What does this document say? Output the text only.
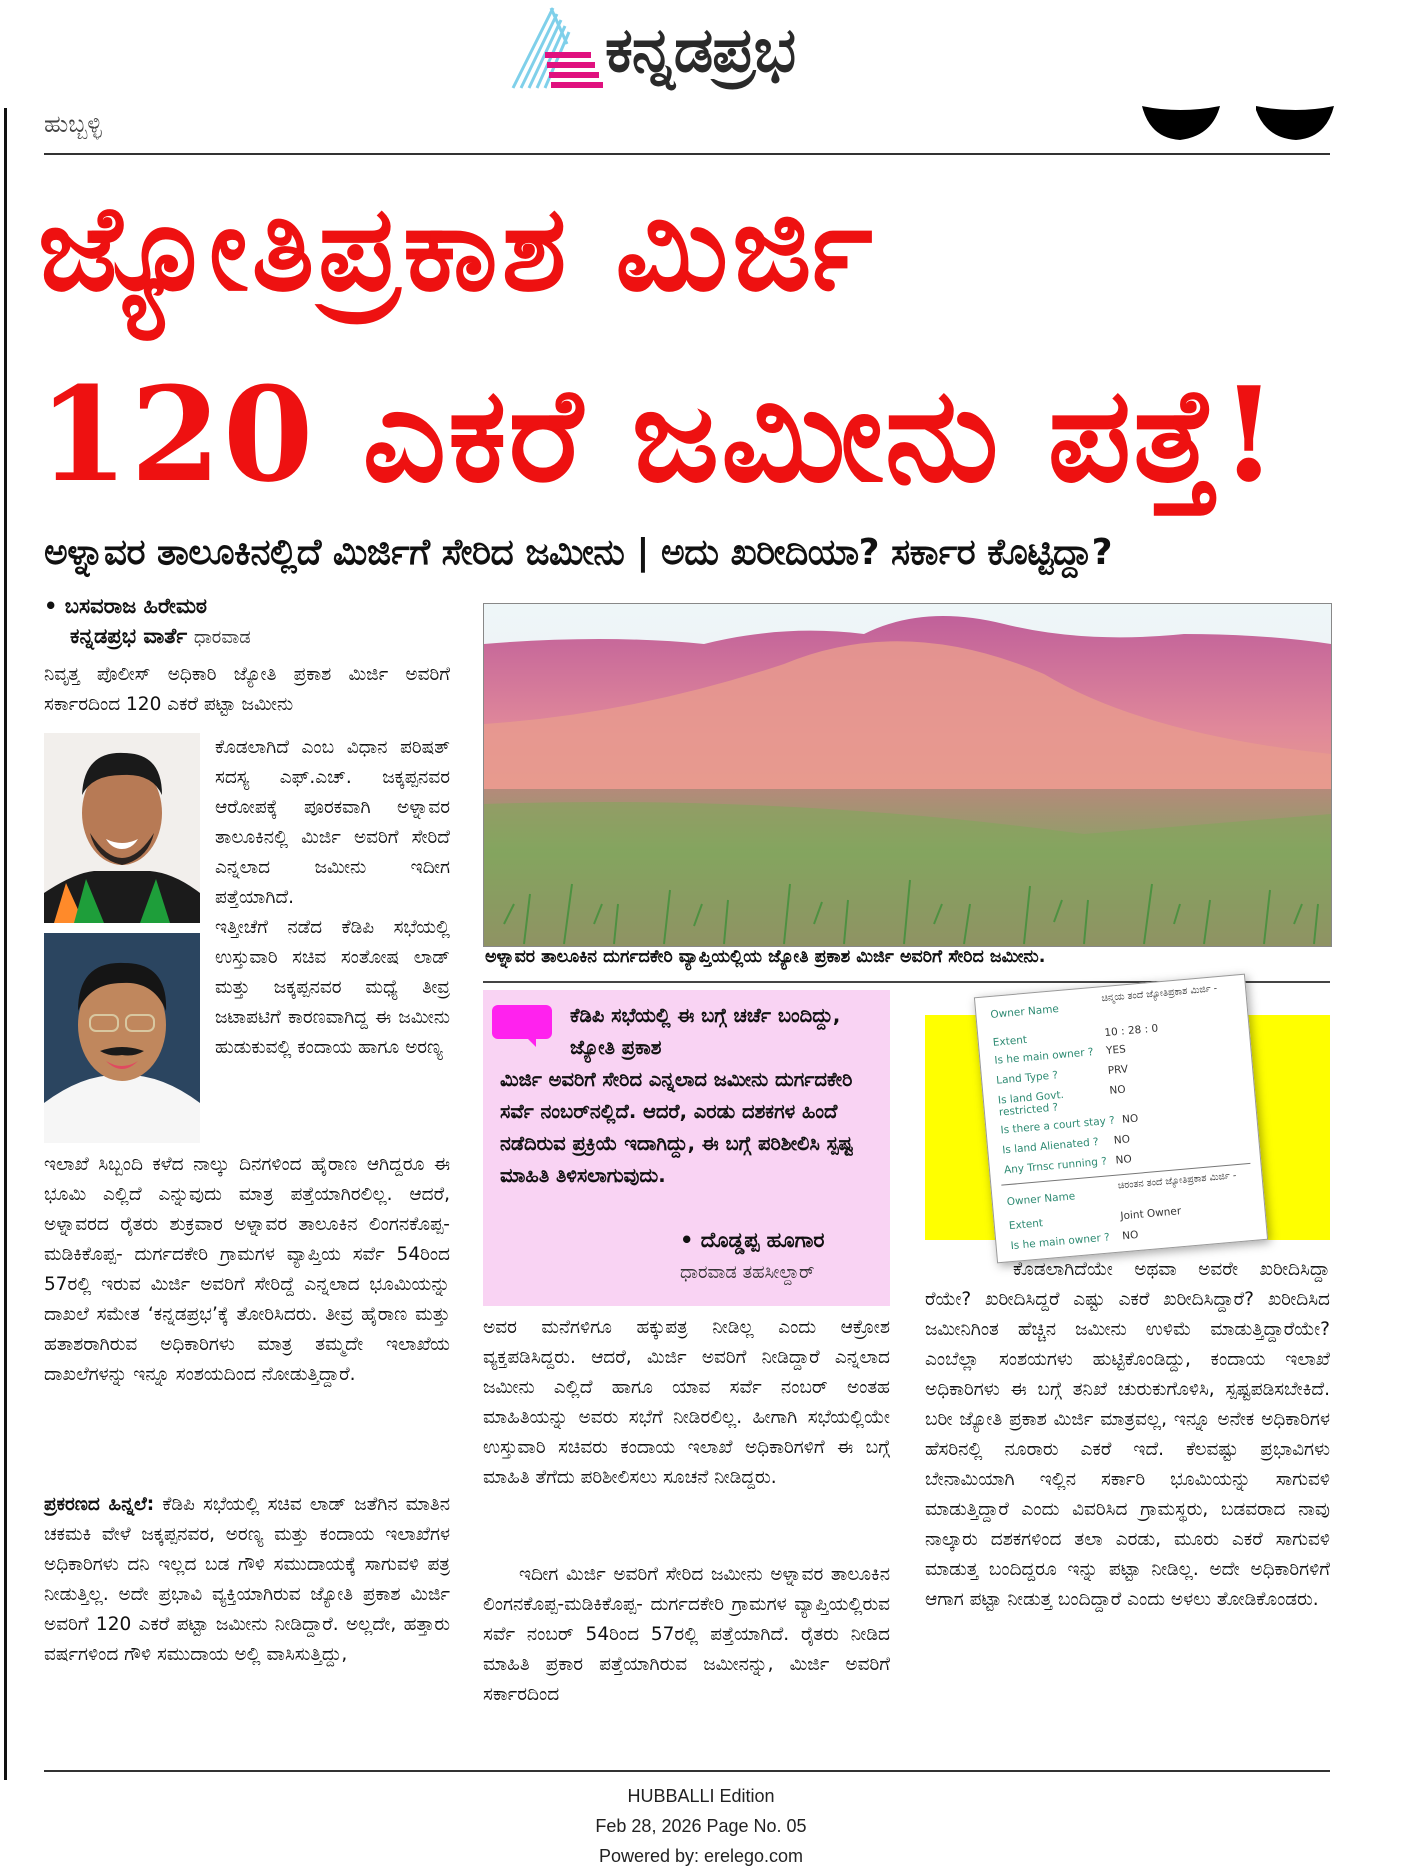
ಕನ್ನಡಪ್ರಭ
ಹುಬ್ಬಳ್ಳಿ
ಜ್ಯೋತಿಪ್ರಕಾಶ ಮಿರ್ಜಿ
120 ಎಕರೆ ಜಮೀನು ಪತ್ತೆ!
ಅಳ್ನಾವರ ತಾಲೂಕಿನಲ್ಲಿದೆ ಮಿರ್ಜಿಗೆ ಸೇರಿದ ಜಮೀನು | ಅದು ಖರೀದಿಯಾ? ಸರ್ಕಾರ ಕೊಟ್ಟಿದ್ದಾ?
• ಬಸವರಾಜ ಹಿರೇಮಠ
ಕನ್ನಡಪ್ರಭ ವಾರ್ತೆ ಧಾರವಾಡ
ನಿವೃತ್ತ ಪೊಲೀಸ್ ಅಧಿಕಾರಿ ಜ್ಯೋತಿ ಪ್ರಕಾಶ ಮಿರ್ಜಿ ಅವರಿಗೆ ಸರ್ಕಾರದಿಂದ 120 ಎಕರೆ ಪಟ್ಟಾ ಜಮೀನು
ಕೊಡಲಾಗಿದೆ ಎಂಬ ವಿಧಾನ ಪರಿಷತ್ ಸದಸ್ಯ ಎಫ್.ಎಚ್. ಜಕ್ಕಪ್ಪನವರ ಆರೋಪಕ್ಕೆ ಪೂರಕವಾಗಿ ಅಳ್ನಾವರ ತಾಲೂಕಿನಲ್ಲಿ ಮಿರ್ಜಿ ಅವರಿಗೆ ಸೇರಿದೆ ಎನ್ನಲಾದ ಜಮೀನು ಇದೀಗ ಪತ್ತೆಯಾಗಿದೆ.
ಇತ್ತೀಚೆಗೆ ನಡೆದ ಕೆಡಿಪಿ ಸಭೆಯಲ್ಲಿ ಉಸ್ತುವಾರಿ ಸಚಿವ ಸಂತೋಷ ಲಾಡ್ ಮತ್ತು ಜಕ್ಕಪ್ಪನವರ ಮಧ್ಯೆ ತೀವ್ರ ಜಟಾಪಟಿಗೆ ಕಾರಣವಾಗಿದ್ದ ಈ ಜಮೀನು ಹುಡುಕುವಲ್ಲಿ ಕಂದಾಯ ಹಾಗೂ ಅರಣ್ಯ
ಇಲಾಖೆ ಸಿಬ್ಬಂದಿ ಕಳೆದ ನಾಲ್ಕು ದಿನಗಳಿಂದ ಹೈರಾಣ ಆಗಿದ್ದರೂ ಈ ಭೂಮಿ ಎಲ್ಲಿದೆ ಎನ್ನುವುದು ಮಾತ್ರ ಪತ್ತೆಯಾಗಿರಲಿಲ್ಲ. ಆದರೆ, ಅಳ್ನಾವರದ ರೈತರು ಶುಕ್ರವಾರ ಅಳ್ನಾವರ ತಾಲೂಕಿನ ಲಿಂಗನಕೊಪ್ಪ- ಮಡಿಕಿಕೊಪ್ಪ- ದುರ್ಗದಕೇರಿ ಗ್ರಾಮಗಳ ವ್ಯಾಪ್ತಿಯ ಸರ್ವೆ 54ರಿಂದ 57ರಲ್ಲಿ ಇರುವ ಮಿರ್ಜಿ ಅವರಿಗೆ ಸೇರಿದ್ದೆ ಎನ್ನಲಾದ ಭೂಮಿಯನ್ನು ದಾಖಲೆ ಸಮೇತ ‘ಕನ್ನಡಪ್ರಭ’ಕ್ಕೆ ತೋರಿಸಿದರು. ತೀವ್ರ ಹೈರಾಣ ಮತ್ತು ಹತಾಶರಾಗಿರುವ ಅಧಿಕಾರಿಗಳು ಮಾತ್ರ ತಮ್ಮದೇ ಇಲಾಖೆಯ ದಾಖಲೆಗಳನ್ನು ಇನ್ನೂ ಸಂಶಯದಿಂದ ನೋಡುತ್ತಿದ್ದಾರೆ.
ಪ್ರಕರಣದ ಹಿನ್ನಲೆ: ಕೆಡಿಪಿ ಸಭೆಯಲ್ಲಿ ಸಚಿವ ಲಾಡ್ ಜತೆಗಿನ ಮಾತಿನ ಚಕಮಕಿ ವೇಳೆ ಜಕ್ಕಪ್ಪನವರ, ಅರಣ್ಯ ಮತ್ತು ಕಂದಾಯ ಇಲಾಖೆಗಳ ಅಧಿಕಾರಿಗಳು ದನಿ ಇಲ್ಲದ ಬಡ ಗೌಳಿ ಸಮುದಾಯಕ್ಕೆ ಸಾಗುವಳಿ ಪತ್ರ ನೀಡುತ್ತಿಲ್ಲ. ಅದೇ ಪ್ರಭಾವಿ ವ್ಯಕ್ತಿಯಾಗಿರುವ ಜ್ಯೋತಿ ಪ್ರಕಾಶ ಮಿರ್ಜಿ ಅವರಿಗೆ 120 ಎಕರೆ ಪಟ್ಟಾ ಜಮೀನು ನೀಡಿದ್ದಾರೆ. ಅಲ್ಲದೇ, ಹತ್ತಾರು ವರ್ಷಗಳಿಂದ ಗೌಳಿ ಸಮುದಾಯ ಅಲ್ಲಿ ವಾಸಿಸುತ್ತಿದ್ದು,
ಅಳ್ನಾವರ ತಾಲೂಕಿನ ದುರ್ಗದಕೇರಿ ವ್ಯಾಪ್ತಿಯಲ್ಲಿಯ ಜ್ಯೋತಿ ಪ್ರಕಾಶ ಮಿರ್ಜಿ ಅವರಿಗೆ ಸೇರಿದ ಜಮೀನು.
ಕೆಡಿಪಿ ಸಭೆಯಲ್ಲಿ ಈ ಬಗ್ಗೆ ಚರ್ಚೆ ಬಂದಿದ್ದು, ಜ್ಯೋತಿ ಪ್ರಕಾಶ
ಮಿರ್ಜಿ ಅವರಿಗೆ ಸೇರಿದ ಎನ್ನಲಾದ ಜಮೀನು ದುರ್ಗದಕೇರಿ ಸರ್ವೆ ನಂಬರ್‌ನಲ್ಲಿದೆ. ಆದರೆ, ಎರಡು ದಶಕಗಳ ಹಿಂದೆ ನಡೆದಿರುವ ಪ್ರಕ್ರಿಯೆ ಇದಾಗಿದ್ದು, ಈ ಬಗ್ಗೆ ಪರಿಶೀಲಿಸಿ ಸ್ಪಷ್ಟ ಮಾಹಿತಿ ತಿಳಿಸಲಾಗುವುದು.
• ದೊಡ್ಡಪ್ಪ ಹೂಗಾರ
ಧಾರವಾಡ ತಹಸೀಲ್ದಾರ್
ಅವರ ಮನೆಗಳಿಗೂ ಹಕ್ಕುಪತ್ರ ನೀಡಿಲ್ಲ ಎಂದು ಆಕ್ರೋಶ ವ್ಯಕ್ತಪಡಿಸಿದ್ದರು. ಆದರೆ, ಮಿರ್ಜಿ ಅವರಿಗೆ ನೀಡಿದ್ದಾರೆ ಎನ್ನಲಾದ ಜಮೀನು ಎಲ್ಲಿದೆ ಹಾಗೂ ಯಾವ ಸರ್ವೆ ನಂಬರ್ ಅಂತಹ ಮಾಹಿತಿಯನ್ನು ಅವರು ಸಭೆಗೆ ನೀಡಿರಲಿಲ್ಲ. ಹೀಗಾಗಿ ಸಭೆಯಲ್ಲಿಯೇ ಉಸ್ತುವಾರಿ ಸಚಿವರು ಕಂದಾಯ ಇಲಾಖೆ ಅಧಿಕಾರಿಗಳಿಗೆ ಈ ಬಗ್ಗೆ ಮಾಹಿತಿ ತೆಗೆದು ಪರಿಶೀಲಿಸಲು ಸೂಚನೆ ನೀಡಿದ್ದರು.
ಇದೀಗ ಮಿರ್ಜಿ ಅವರಿಗೆ ಸೇರಿದ ಜಮೀನು ಅಳ್ನಾವರ ತಾಲೂಕಿನ ಲಿಂಗನಕೊಪ್ಪ-ಮಡಿಕಿಕೊಪ್ಪ- ದುರ್ಗದಕೇರಿ ಗ್ರಾಮಗಳ ವ್ಯಾಪ್ತಿಯಲ್ಲಿರುವ ಸರ್ವೆ ನಂಬರ್ 54ರಿಂದ 57ರಲ್ಲಿ ಪತ್ತೆಯಾಗಿದೆ. ರೈತರು ನೀಡಿದ ಮಾಹಿತಿ ಪ್ರಕಾರ ಪತ್ತೆಯಾಗಿರುವ ಜಮೀನನ್ನು, ಮಿರ್ಜಿ ಅವರಿಗೆ ಸರ್ಕಾರದಿಂದ
Owner Name
ಚಿನ್ಮಯ ತಂದೆ ಜ್ಯೋತಿಪ್ರಕಾಶ ಮಿರ್ಜಿ -
Extent
10 : 28 : 0
Is he main owner ? YES
Land Type ?	PRV
Is land Govt. restricted ?
NO
Is there a court stay ? NO
Is land Alienated ? NO
Any Trnsc running ? NO
Owner Name
ಚಿರಂತನ ತಂದೆ ಜ್ಯೋತಿಪ್ರಕಾಶ ಮಿರ್ಜಿ -
Extent
Joint Owner
Is he main owner ? NO
ಕೊಡಲಾಗಿದೆಯೇ ಅಥವಾ ಅವರೇ ಖರೀದಿಸಿದ್ದಾ ರೆಯೇ? ಖರೀದಿಸಿದ್ದರೆ ಎಷ್ಟು ಎಕರೆ ಖರೀದಿಸಿದ್ದಾರೆ? ಖರೀದಿಸಿದ ಜಮೀನಿಗಿಂತ ಹೆಚ್ಚಿನ ಜಮೀನು ಉಳಿಮೆ ಮಾಡುತ್ತಿದ್ದಾರೆಯೇ? ಎಂಬೆಲ್ಲಾ ಸಂಶಯಗಳು ಹುಟ್ಟಿಕೊಂಡಿದ್ದು, ಕಂದಾಯ ಇಲಾಖೆ ಅಧಿಕಾರಿಗಳು ಈ ಬಗ್ಗೆ ತನಿಖೆ ಚುರುಕುಗೊಳಿಸಿ, ಸ್ಪಷ್ಟಪಡಿಸಬೇಕಿದೆ. ಬರೀ ಜ್ಯೋತಿ ಪ್ರಕಾಶ ಮಿರ್ಜಿ ಮಾತ್ರವಲ್ಲ, ಇನ್ನೂ ಅನೇಕ ಅಧಿಕಾರಿಗಳ ಹೆಸರಿನಲ್ಲಿ ನೂರಾರು ಎಕರೆ ಇದೆ. ಕೆಲವಷ್ಟು ಪ್ರಭಾವಿಗಳು ಬೇನಾಮಿಯಾಗಿ ಇಲ್ಲಿನ ಸರ್ಕಾರಿ ಭೂಮಿಯನ್ನು ಸಾಗುವಳಿ ಮಾಡುತ್ತಿದ್ದಾರೆ ಎಂದು ವಿವರಿಸಿದ ಗ್ರಾಮಸ್ಥರು, ಬಡವರಾದ ನಾವು ನಾಲ್ಕಾರು ದಶಕಗಳಿಂದ ತಲಾ ಎರಡು, ಮೂರು ಎಕರೆ ಸಾಗುವಳಿ ಮಾಡುತ್ತ ಬಂದಿದ್ದರೂ ಇನ್ನು ಪಟ್ಟಾ ನೀಡಿಲ್ಲ. ಅದೇ ಅಧಿಕಾರಿಗಳಿಗೆ ಆಗಾಗ ಪಟ್ಟಾ ನೀಡುತ್ತ ಬಂದಿದ್ದಾರೆ ಎಂದು ಅಳಲು ತೋಡಿಕೊಂಡರು.
HUBBALLI Edition
Feb 28, 2026 Page No. 05
Powered by: erelego.com
